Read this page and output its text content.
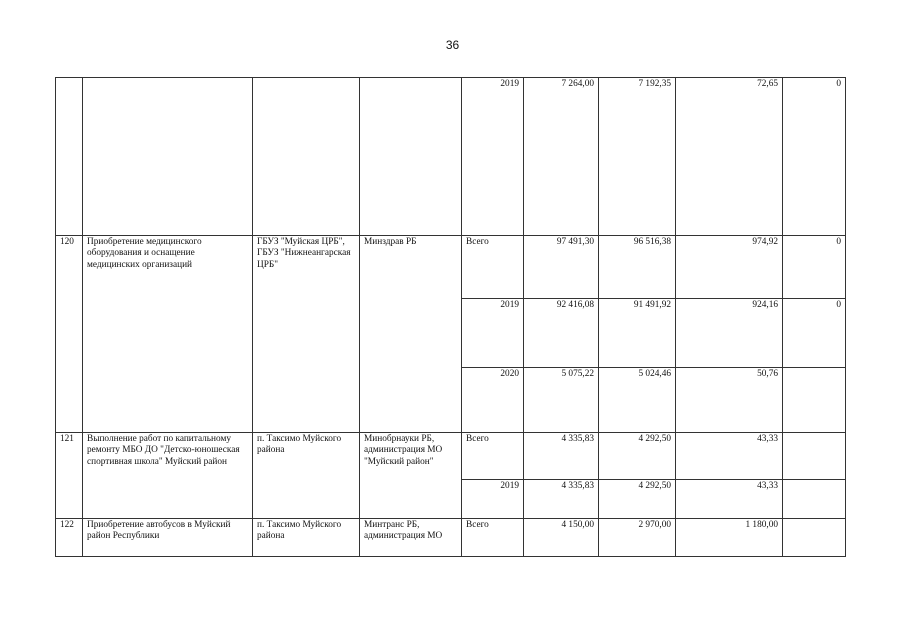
36
				2019	7 264,00	7 192,35	72,65	0
120	Приобретение медицинского оборудования и оснащение медицинских организаций	ГБУЗ "Муйская ЦРБ", ГБУЗ "Нижнеангарская ЦРБ"	Минздрав РБ	Всего	97 491,30	96 516,38	974,92	0
				2019	92 416,08	91 491,92	924,16	0
				2020	5 075,22	5 024,46	50,76	
121	Выполнение работ по капитальному ремонту МБО ДО "Детско-юношеская спортивная школа" Муйский район	п. Таксимо Муйского района	Минобрнауки РБ, администрация МО "Муйский район"	Всего	4 335,83	4 292,50	43,33	
				2019	4 335,83	4 292,50	43,33	
122	Приобретение автобусов в Муйский район Республики	п. Таксимо Муйского района	Минтранс РБ, администрация МО	Всего	4 150,00	2 970,00	1 180,00	
